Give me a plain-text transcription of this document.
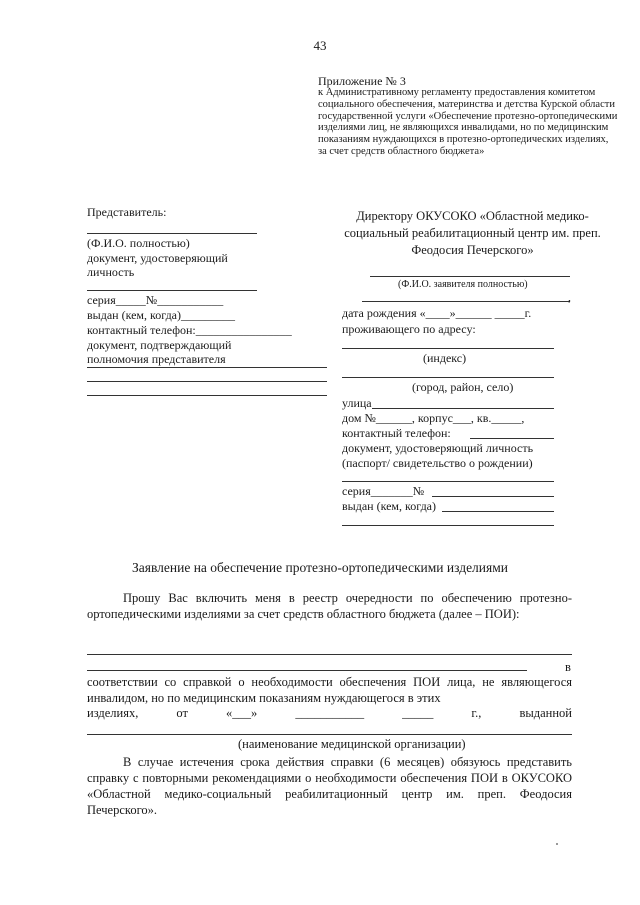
43
Приложение № 3
к Административному регламенту предоставления комитетом социального обеспечения, материнства и детства Курской области государственной услуги «Обеспечение протезно-ортопедическими изделиями лиц, не являющихся инвалидами, но по медицинским показаниям нуждающихся в протезно-ортопедических изделиях, за счет средств областного бюджета»
Представитель:
(Ф.И.О. полностью)
документ, удостоверяющий
личность
серия_____№___________
выдан (кем, когда)_________
контактный телефон:________________
документ, подтверждающий
полномочия представителя
Директору ОКУСОКО «Областной медико-социальный реабилитационный центр им. преп. Феодосия Печерского»
(Ф.И.О. заявителя полностью)
,
дата рождения «____»______ _____г.
проживающего по адресу:
(индекс)
(город, район, село)
улица
дом №______, корпус___, кв._____,
контактный телефон:
документ, удостоверяющий личность
(паспорт/ свидетельство о рождении)
серия_______№
выдан (кем, когда)
Заявление на обеспечение протезно-ортопедическими изделиями
Прошу Вас включить меня в реестр очередности по обеспечению протезно-ортопедическими изделиями за счет средств областного бюджета (далее – ПОИ):
в
соответствии со справкой о необходимости обеспечения ПОИ лица, не являющегося инвалидом, но по медицинским показаниям нуждающегося в этих
изделиях,	от	«___»	___________	_____	г.,	выданной
(наименование медицинской организации)
В случае истечения срока действия справки (6 месяцев) обязуюсь представить справку с повторными рекомендациями о необходимости обеспечения ПОИ в ОКУСОКО «Областной медико-социальный реабилитационный центр им. преп. Феодосия Печерского».
